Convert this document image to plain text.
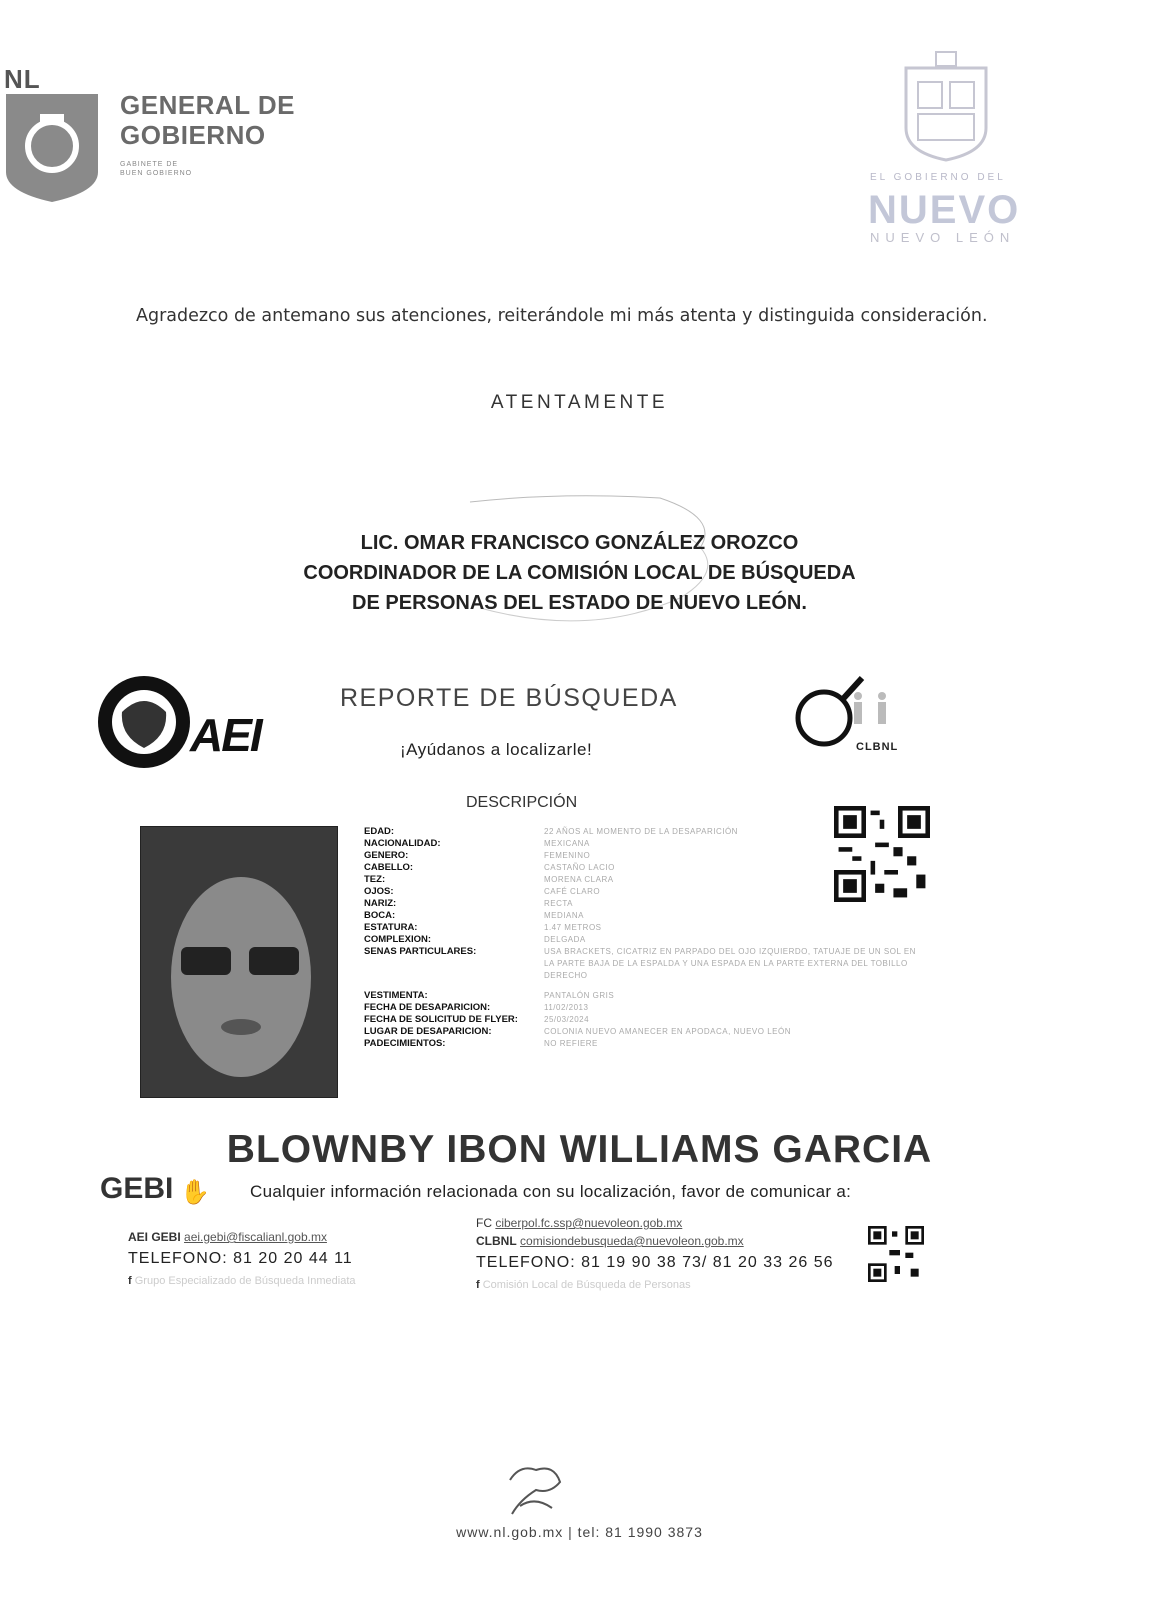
NL
GENERAL DE
GOBIERNO
GABINETE DE
BUEN GOBIERNO	EL GOBIERNO DEL
NUEVO
NUEVO LEÓN
Agradezco de antemano sus atenciones, reiterándole mi más atenta y distinguida consideración.
ATENTAMENTE
LIC. OMAR FRANCISCO GONZÁLEZ OROZCO
COORDINADOR DE LA COMISIÓN LOCAL DE BÚSQUEDA
DE PERSONAS DEL ESTADO DE NUEVO LEÓN.
AEI
REPORTE DE BÚSQUEDA
¡Ayúdanos a localizarle!	CLBNL
DESCRIPCIÓN
EDAD:	22 AÑOS AL MOMENTO DE LA DESAPARICIÓN
NACIONALIDAD:	MEXICANA
GENERO:	FEMENINO
CABELLO:	CASTAÑO LACIO
TEZ:	MORENA CLARA
OJOS:	CAFÉ CLARO
NARIZ:	RECTA
BOCA:	MEDIANA
ESTATURA:	1.47 METROS
COMPLEXION:	DELGADA
SENAS PARTICULARES:	USA BRACKETS, CICATRIZ EN PARPADO DEL OJO IZQUIERDO, TATUAJE DE UN SOL EN LA PARTE BAJA DE LA ESPALDA Y UNA ESPADA EN LA PARTE EXTERNA DEL TOBILLO DERECHO
VESTIMENTA:	PANTALÓN GRIS
FECHA DE DESAPARICION:	11/02/2013
FECHA DE SOLICITUD DE FLYER:	25/03/2024
LUGAR DE DESAPARICION:	COLONIA NUEVO AMANECER EN APODACA, NUEVO LEÓN
PADECIMIENTOS:	NO REFIERE
BLOWNBY IBON WILLIAMS GARCIA
GEBI ✋ Cualquier información relacionada con su localización, favor de comunicar a:
AEI GEBI aei.gebi@fiscalianl.gob.mx
TELEFONO: 81 20 20 44 11
f Grupo Especializado de Búsqueda Inmediata
FC ciberpol.fc.ssp@nuevoleon.gob.mx
CLBNL comisiondebusqueda@nuevoleon.gob.mx
TELEFONO: 81 19 90 38 73/ 81 20 33 26 56
f Comisión Local de Búsqueda de Personas
www.nl.gob.mx | tel: 81 1990 3873
